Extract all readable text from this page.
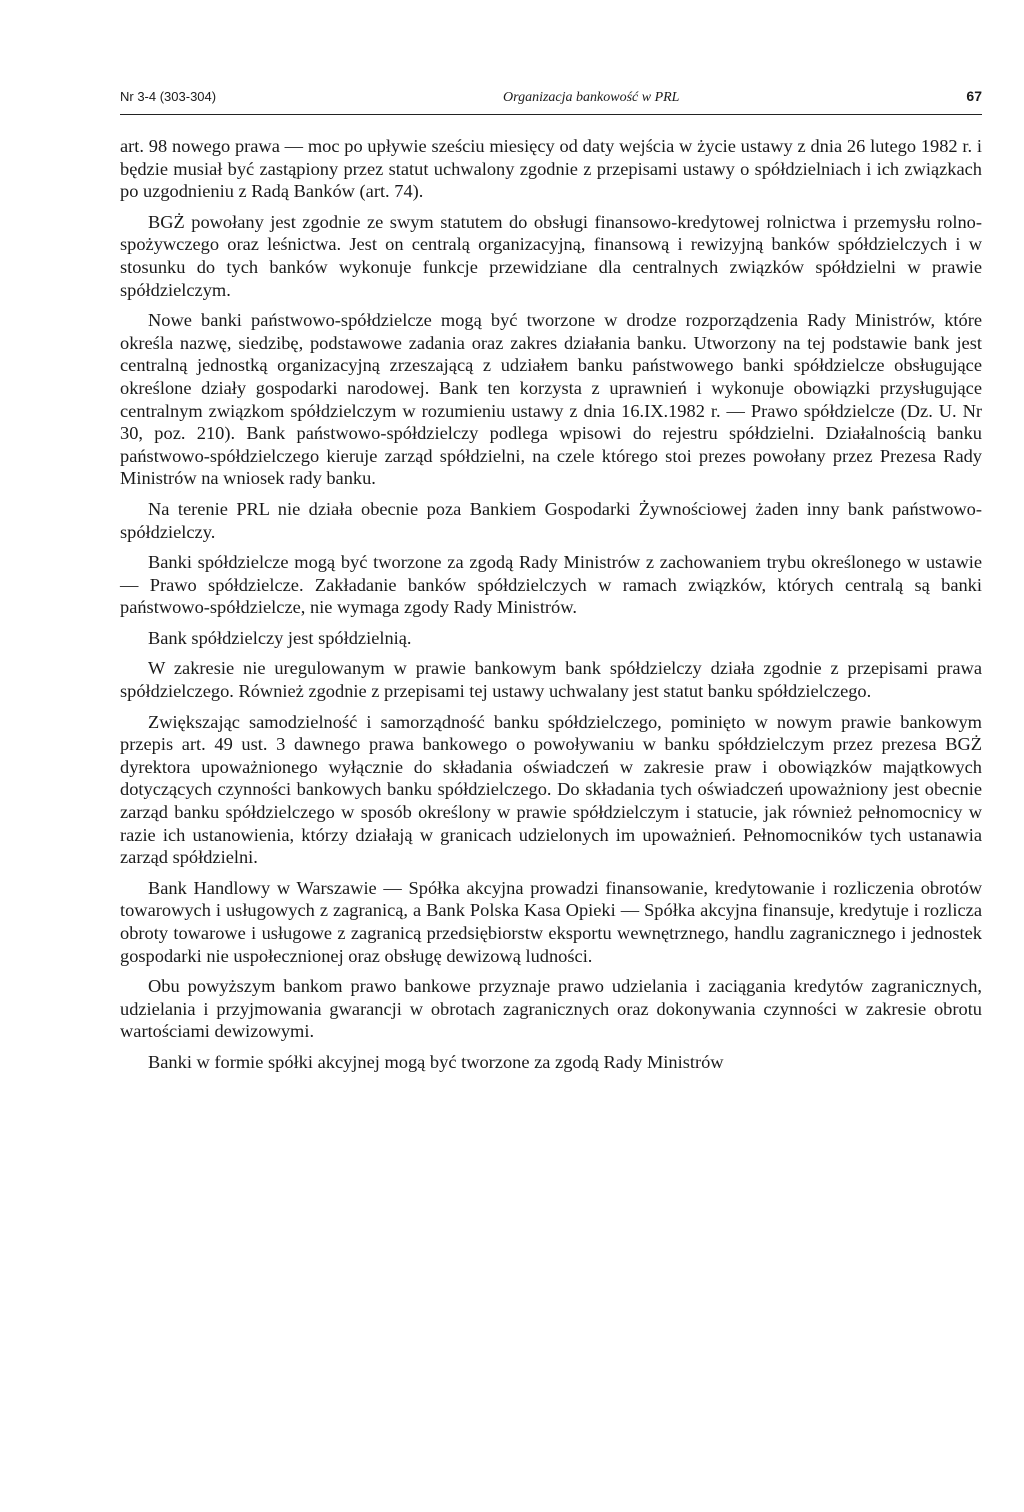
Nr 3-4 (303-304)	Organizacja bankowość w PRL	67

art. 98 nowego prawa — moc po upływie sześciu miesięcy od daty wejścia w życie ustawy z dnia 26 lutego 1982 r. i będzie musiał być zastąpiony przez statut uchwalony zgodnie z przepisami ustawy o spółdzielniach i ich związkach po uzgodnieniu z Radą Banków (art. 74).

BGŻ powołany jest zgodnie ze swym statutem do obsługi finansowo-kredytowej rolnictwa i przemysłu rolno-spożywczego oraz leśnictwa. Jest on centralą organizacyjną, finansową i rewizyjną banków spółdzielczych i w stosunku do tych banków wykonuje funkcje przewidziane dla centralnych związków spółdzielni w prawie spółdzielczym.

Nowe banki państwowo-spółdzielcze mogą być tworzone w drodze rozporządzenia Rady Ministrów, które określa nazwę, siedzibę, podstawowe zadania oraz zakres działania banku. Utworzony na tej podstawie bank jest centralną jednostką organizacyjną zrzeszającą z udziałem banku państwowego banki spółdzielcze obsługujące określone działy gospodarki narodowej. Bank ten korzysta z uprawnień i wykonuje obowiązki przysługujące centralnym związkom spółdzielczym w rozumieniu ustawy z dnia 16.IX.1982 r. — Prawo spółdzielcze (Dz. U. Nr 30, poz. 210). Bank państwowo-spółdzielczy podlega wpisowi do rejestru spółdzielni. Działalnością banku państwowo-spółdzielczego kieruje zarząd spółdzielni, na czele którego stoi prezes powołany przez Prezesa Rady Ministrów na wniosek rady banku.

Na terenie PRL nie działa obecnie poza Bankiem Gospodarki Żywnościowej żaden inny bank państwowo-spółdzielczy.

Banki spółdzielcze mogą być tworzone za zgodą Rady Ministrów z zachowaniem trybu określonego w ustawie — Prawo spółdzielcze. Zakładanie banków spółdzielczych w ramach związków, których centralą są banki państwowo-spółdzielcze, nie wymaga zgody Rady Ministrów.

Bank spółdzielczy jest spółdzielnią.

W zakresie nie uregulowanym w prawie bankowym bank spółdzielczy działa zgodnie z przepisami prawa spółdzielczego. Również zgodnie z przepisami tej ustawy uchwalany jest statut banku spółdzielczego.

Zwiększając samodzielność i samorządność banku spółdzielczego, pominięto w nowym prawie bankowym przepis art. 49 ust. 3 dawnego prawa bankowego o powoływaniu w banku spółdzielczym przez prezesa BGŻ dyrektora upoważnionego wyłącznie do składania oświadczeń w zakresie praw i obowiązków majątkowych dotyczących czynności bankowych banku spółdzielczego. Do składania tych oświadczeń upoważniony jest obecnie zarząd banku spółdzielczego w sposób określony w prawie spółdzielczym i statucie, jak również pełnomocnicy w razie ich ustanowienia, którzy działają w granicach udzielonych im upoważnień. Pełnomocników tych ustanawia zarząd spółdzielni.

Bank Handlowy w Warszawie — Spółka akcyjna prowadzi finansowanie, kredytowanie i rozliczenia obrotów towarowych i usługowych z zagranicą, a Bank Polska Kasa Opieki — Spółka akcyjna finansuje, kredytuje i rozlicza obroty towarowe i usługowe z zagranicą przedsiębiorstw eksportu wewnętrznego, handlu zagranicznego i jednostek gospodarki nie uspołecznionej oraz obsługę dewizową ludności.

Obu powyższym bankom prawo bankowe przyznaje prawo udzielania i zaciągania kredytów zagranicznych, udzielania i przyjmowania gwarancji w obrotach zagranicznych oraz dokonywania czynności w zakresie obrotu wartościami dewizowymi.

Banki w formie spółki akcyjnej mogą być tworzone za zgodą Rady Ministrów
